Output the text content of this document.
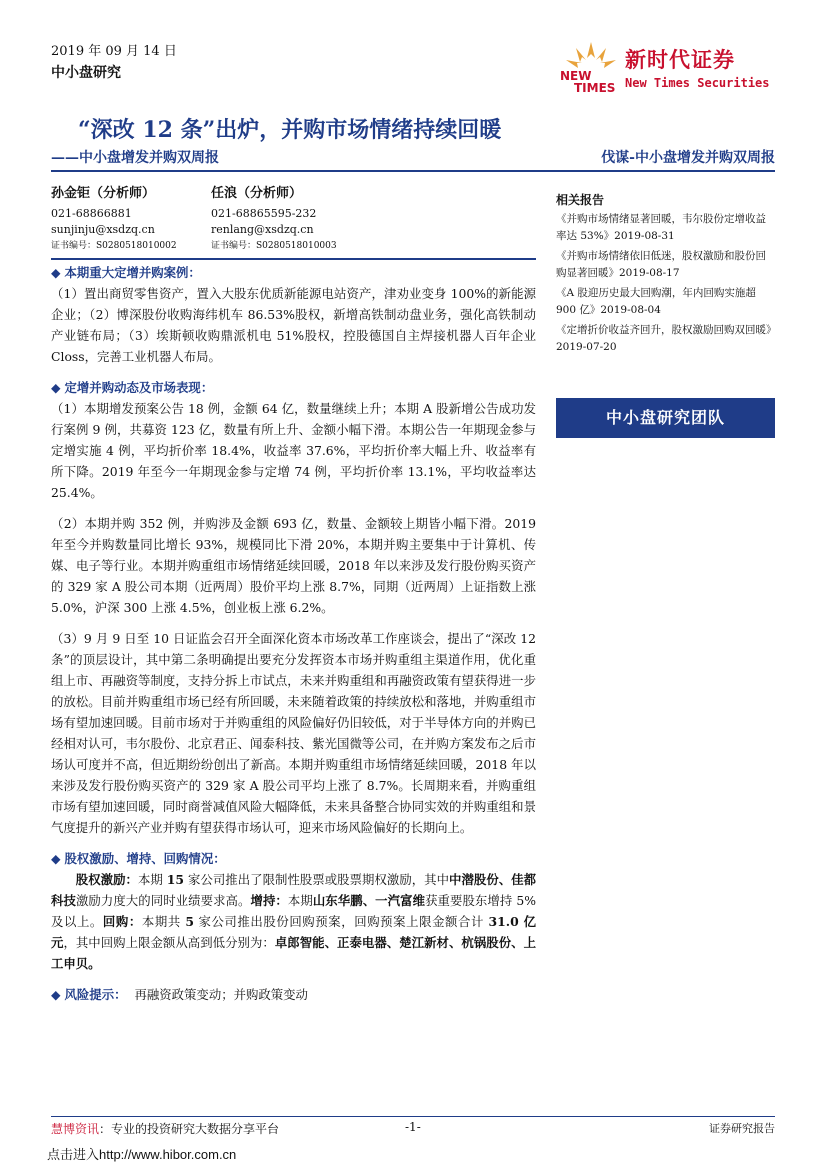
2019 年 09 月 14 日
中小盘研究	NEW
TIMES
新时代证券
New Times Securities
“深改 12 条”出炉，并购市场情绪持续回暖
——中小盘增发并购双周报	伐谋-中小盘增发并购双周报
孙金钜（分析师）
021-68866881
sunjinju@xsdzq.cn
证书编号：S0280518010002
任浪（分析师）
021-68865595-232
renlang@xsdzq.cn
证书编号：S0280518010003
◆ 本期重大定增并购案例：

（1）置出商贸零售资产，置入大股东优质新能源电站资产，津劝业变身 100%的新能源企业；（2）博深股份收购海纬机车 86.53%股权，新增高铁制动盘业务，强化高铁制动产业链布局；（3）埃斯顿收购鼎派机电 51%股权，控股德国自主焊接机器人百年企业 Closs，完善工业机器人布局。

◆ 定增并购动态及市场表现：

（1）本期增发预案公告 18 例，金额 64 亿，数量继续上升；本期 A 股新增公告成功发行案例 9 例，共募资 123 亿，数量有所上升、金额小幅下滑。本期公告一年期现金参与定增实施 4 例，平均折价率 18.4%，收益率 37.6%，平均折价率大幅上升、收益率有所下降。2019 年至今一年期现金参与定增 74 例，平均折价率 13.1%，平均收益率达 25.4%。

（2）本期并购 352 例，并购涉及金额 693 亿，数量、金额较上期皆小幅下滑。2019 年至今并购数量同比增长 93%，规模同比下滑 20%，本期并购主要集中于计算机、传媒、电子等行业。本期并购重组市场情绪延续回暖，2018 年以来涉及发行股份购买资产的 329 家 A 股公司本期（近两周）股价平均上涨 8.7%，同期（近两周）上证指数上涨 5.0%，沪深 300 上涨 4.5%，创业板上涨 6.2%。

（3）9 月 9 日至 10 日证监会召开全面深化资本市场改革工作座谈会，提出了“深改 12 条”的顶层设计，其中第二条明确提出要充分发挥资本市场并购重组主渠道作用，优化重组上市、再融资等制度，支持分拆上市试点，未来并购重组和再融资政策有望获得进一步的放松。目前并购重组市场已经有所回暖，未来随着政策的持续放松和落地，并购重组市场有望加速回暖。目前市场对于并购重组的风险偏好仍旧较低，对于半导体方向的并购已经相对认可，韦尔股份、北京君正、闻泰科技、紫光国微等公司，在并购方案发布之后市场认可度并不高，但近期纷纷创出了新高。本期并购重组市场情绪延续回暖，2018 年以来涉及发行股份购买资产的 329 家 A 股公司平均上涨了 8.7%。长周期来看，并购重组市场有望加速回暖，同时商誉减值风险大幅降低，未来具备整合协同实效的并购重组和景气度提升的新兴产业并购有望获得市场认可，迎来市场风险偏好的长期向上。

◆ 股权激励、增持、回购情况：

股权激励：本期 15 家公司推出了限制性股票或股票期权激励，其中中潜股份、佳都科技激励力度大的同时业绩要求高。增持：本期山东华鹏、一汽富维获重要股东增持 5%及以上。回购：本期共 5 家公司推出股份回购预案，回购预案上限金额合计 31.0 亿元，其中回购上限金额从高到低分别为：卓郎智能、正泰电器、楚江新材、杭锅股份、上工申贝。

◆ 风险提示： 再融资政策变动；并购政策变动
相关报告
《并购市场情绪显著回暖，韦尔股份定增收益率达 53%》2019-08-31
《并购市场情绪依旧低迷，股权激励和股份回购显著回暖》2019-08-17
《A 股迎历史最大回购潮，年内回购实施超 900 亿》2019-08-04
《定增折价收益齐回升，股权激励回购双回暖》2019-07-20
中小盘研究团队
慧博资讯：专业的投资研究大数据分享平台	-1-	证券研究报告
点击进入http://www.hibor.com.cn
